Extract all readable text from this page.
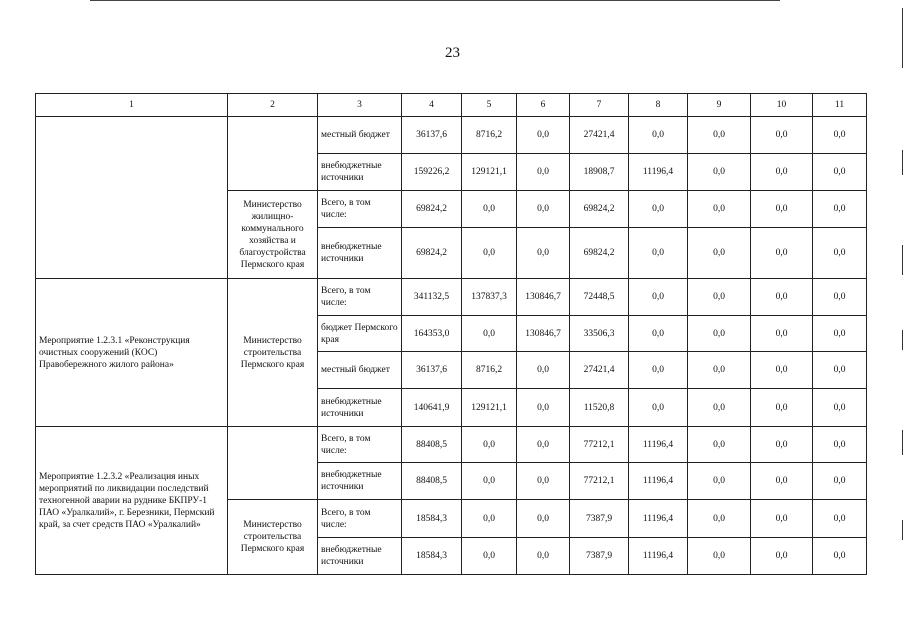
23
1	2	3	4	5	6	7	8	9	10	11
		местный бюджет	36137,6	8716,2	0,0	27421,4	0,0	0,0	0,0	0,0
		внебюджетные источники	159226,2	129121,1	0,0	18908,7	11196,4	0,0	0,0	0,0
	Министерство жилищно-коммунального хозяйства и благоустройства Пермского края	Всего, в том числе:	69824,2	0,0	0,0	69824,2	0,0	0,0	0,0	0,0
		внебюджетные источники	69824,2	0,0	0,0	69824,2	0,0	0,0	0,0	0,0
Мероприятие 1.2.3.1 «Реконструкция очистных сооружений (КОС) Правобережного жилого района»	Министерство строительства Пермского края	Всего, в том числе:	341132,5	137837,3	130846,7	72448,5	0,0	0,0	0,0	0,0
		бюджет Пермского края	164353,0	0,0	130846,7	33506,3	0,0	0,0	0,0	0,0
		местный бюджет	36137,6	8716,2	0,0	27421,4	0,0	0,0	0,0	0,0
		внебюджетные источники	140641,9	129121,1	0,0	11520,8	0,0	0,0	0,0	0,0
Мероприятие 1.2.3.2 «Реализация иных мероприятий по ликвидации последствий техногенной аварии на руднике БКПРУ-1 ПАО «Уралкалий», г. Березники, Пермский край, за счет средств ПАО «Уралкалий»		Всего, в том числе:	88408,5	0,0	0,0	77212,1	11196,4	0,0	0,0	0,0
		внебюджетные источники	88408,5	0,0	0,0	77212,1	11196,4	0,0	0,0	0,0
	Министерство строительства Пермского края	Всего, в том числе:	18584,3	0,0	0,0	7387,9	11196,4	0,0	0,0	0,0
		внебюджетные источники	18584,3	0,0	0,0	7387,9	11196,4	0,0	0,0	0,0
